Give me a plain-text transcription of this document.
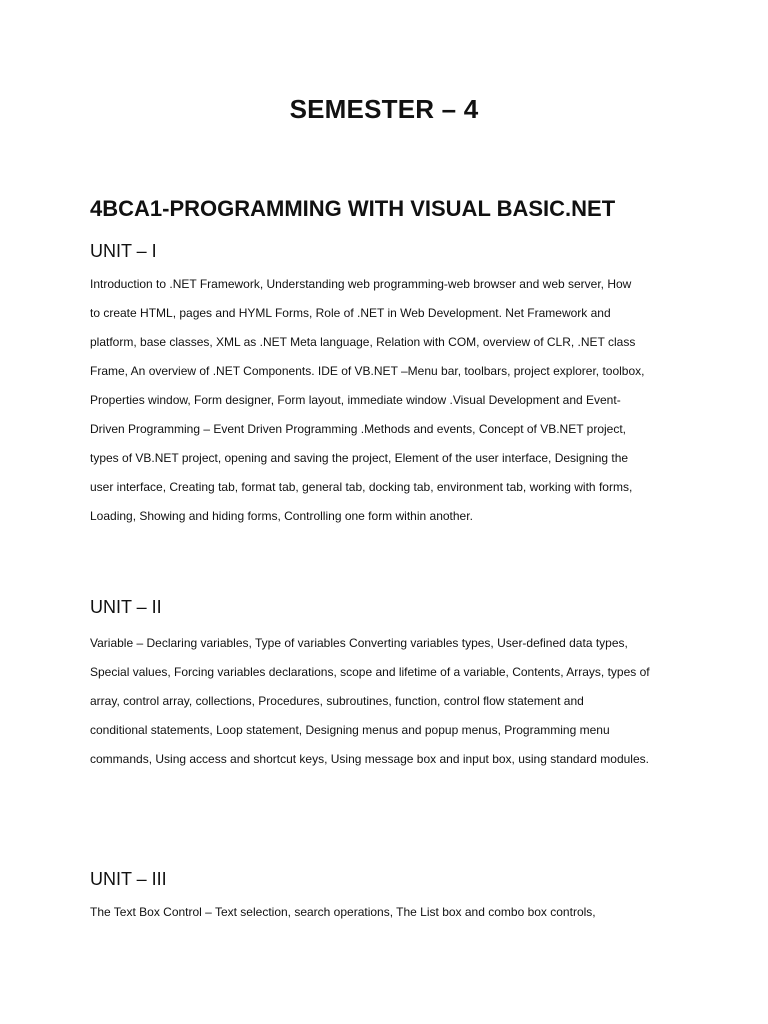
SEMESTER – 4
4BCA1-PROGRAMMING WITH VISUAL BASIC.NET
UNIT – I
Introduction to .NET Framework, Understanding web programming-web browser and web server, How
to create HTML, pages and HYML Forms, Role of .NET in Web Development. Net Framework and
platform, base classes, XML as .NET Meta language, Relation with COM, overview of CLR, .NET class
Frame, An overview of .NET Components. IDE of VB.NET –Menu bar, toolbars, project explorer, toolbox,
Properties window, Form designer, Form layout, immediate window .Visual Development and Event-
Driven Programming – Event Driven Programming .Methods and events, Concept of VB.NET project,
types of VB.NET project, opening and saving the project, Element of the user interface, Designing the
user interface, Creating tab, format tab, general tab, docking tab, environment tab, working with forms,
Loading, Showing and hiding forms, Controlling one form within another.
UNIT – II
Variable – Declaring variables, Type of variables Converting variables types, User-defined data types,
Special values, Forcing variables declarations, scope and lifetime of a variable, Contents, Arrays, types of
array, control array, collections, Procedures, subroutines, function, control flow statement and
conditional statements, Loop statement, Designing menus and popup menus, Programming menu
commands, Using access and shortcut keys, Using message box and input box, using standard modules.
UNIT – III
The Text Box Control – Text selection, search operations, The List box and combo box controls,
